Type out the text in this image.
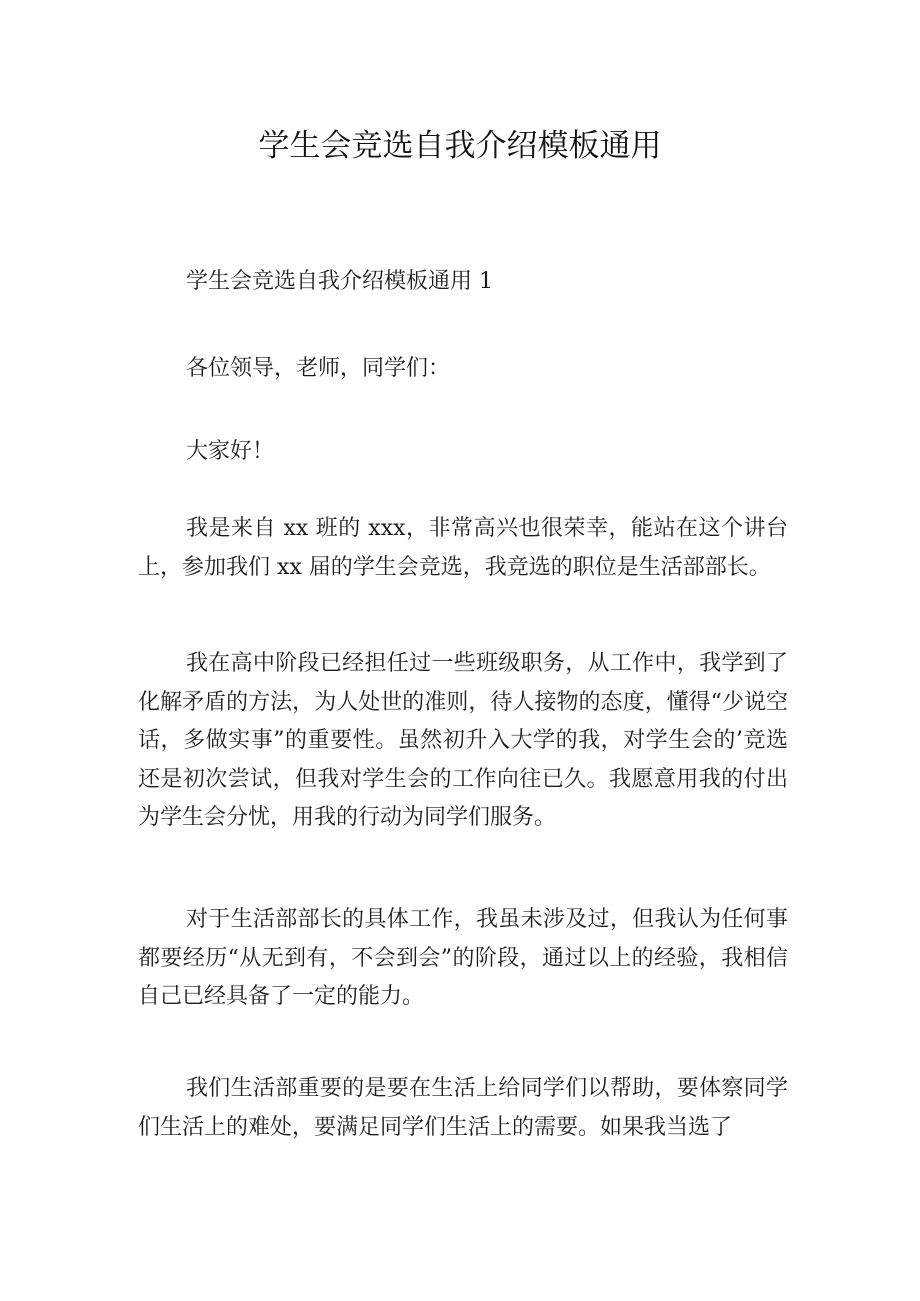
学生会竞选自我介绍模板通用

学生会竞选自我介绍模板通用 1

各位领导，老师，同学们：

大家好！

我是来自 xx 班的 xxx，非常高兴也很荣幸，能站在这个讲台上，参加我们 xx 届的学生会竞选，我竞选的职位是生活部部长。

我在高中阶段已经担任过一些班级职务，从工作中，我学到了化解矛盾的方法，为人处世的准则，待人接物的态度，懂得“少说空话，多做实事”的重要性。虽然初升入大学的我，对学生会的’竞选还是初次尝试，但我对学生会的工作向往已久。我愿意用我的付出为学生会分忧，用我的行动为同学们服务。

对于生活部部长的具体工作，我虽未涉及过，但我认为任何事都要经历“从无到有，不会到会”的阶段，通过以上的经验，我相信自己已经具备了一定的能力。

我们生活部重要的是要在生活上给同学们以帮助，要体察同学们生活上的难处，要满足同学们生活上的需要。如果我当选了
